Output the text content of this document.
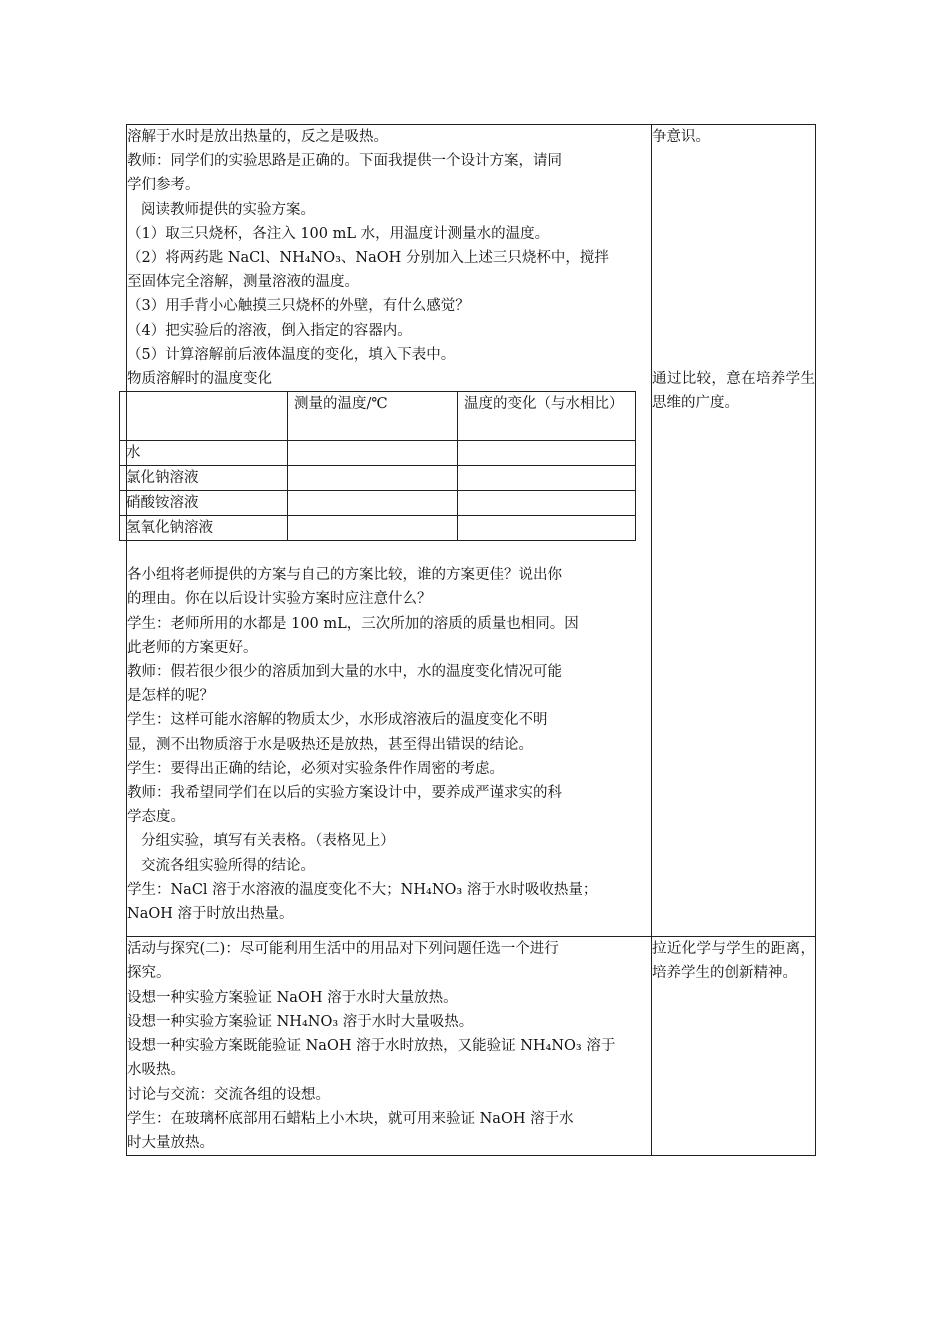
溶解于水时是放出热量的，反之是吸热。

教师：同学们的实验思路是正确的。下面我提供一个设计方案，请同

学们参考。

阅读教师提供的实验方案。

（1）取三只烧杯，各注入 100 mL 水，用温度计测量水的温度。

（2）将两药匙 NaCl、NH₄NO₃、NaOH 分别加入上述三只烧杯中，搅拌

至固体完全溶解，测量溶液的温度。

（3）用手背小心触摸三只烧杯的外壁，有什么感觉？

（4）把实验后的溶液，倒入指定的容器内。

（5）计算溶解前后液体温度的变化，填入下表中。

物质溶解时的温度变化

	测量的温度/℃	温度的变化（与水相比）
水		
氯化钠溶液		
硝酸铵溶液		
氢氧化钠溶液		

各小组将老师提供的方案与自己的方案比较，谁的方案更佳？说出你

的理由。你在以后设计实验方案时应注意什么？

学生：老师所用的水都是 100 mL，三次所加的溶质的质量也相同。因

此老师的方案更好。

教师：假若很少很少的溶质加到大量的水中，水的温度变化情况可能

是怎样的呢？

学生：这样可能水溶解的物质太少，水形成溶液后的温度变化不明

显，测不出物质溶于水是吸热还是放热，甚至得出错误的结论。

学生：要得出正确的结论，必须对实验条件作周密的考虑。

教师：我希望同学们在以后的实验方案设计中，要养成严谨求实的科

学态度。

分组实验，填写有关表格。（表格见上）

交流各组实验所得的结论。

学生：NaCl 溶于水溶液的温度变化不大；NH₄NO₃ 溶于水时吸收热量；

NaOH 溶于时放出热量。

争意识。

通过比较，意在培养学生思维的广度。

活动与探究(二)：尽可能利用生活中的用品对下列问题任选一个进行

探究。

设想一种实验方案验证 NaOH 溶于水时大量放热。

设想一种实验方案验证 NH₄NO₃ 溶于水时大量吸热。

设想一种实验方案既能验证 NaOH 溶于水时放热，又能验证 NH₄NO₃ 溶于

水吸热。

讨论与交流：交流各组的设想。

学生：在玻璃杯底部用石蜡粘上小木块，就可用来验证 NaOH 溶于水

时大量放热。

拉近化学与学生的距离，培养学生的创新精神。
